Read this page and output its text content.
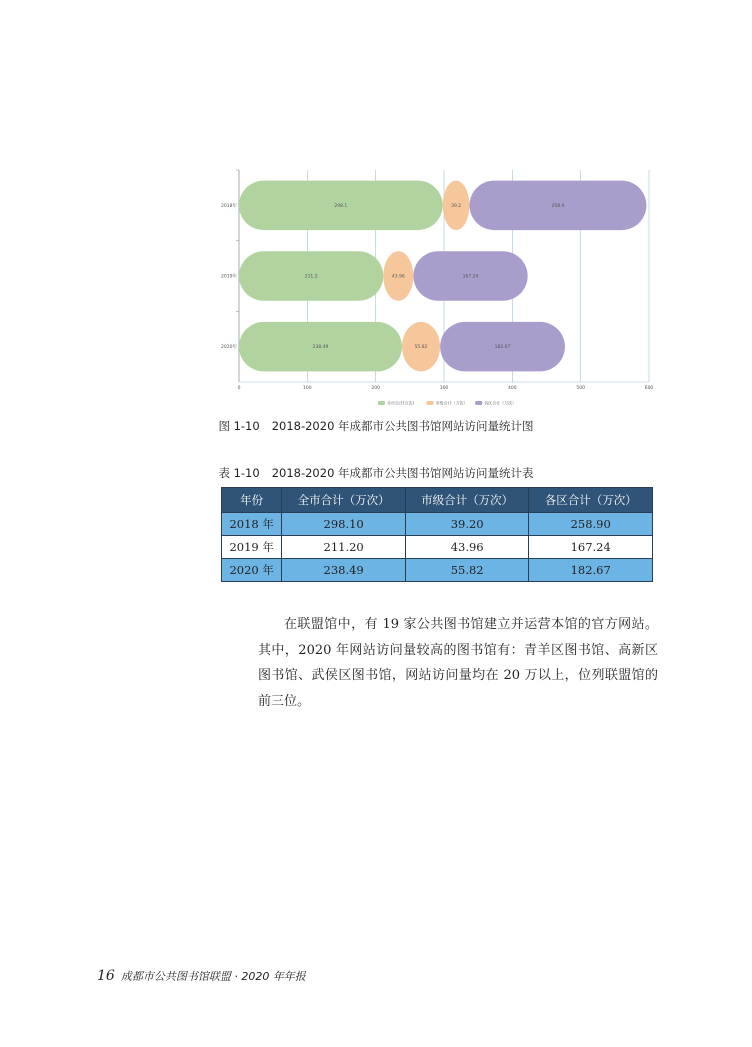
0	100	200	300	400	500	600
2018年	298.1	39.2	258.9
2019年	211.2	43.96	167.24
2020年	238.49	55.82	182.67
全市合计(万次)	市级合计（万次）	各区合计（万次）
图 1-10 2018-2020 年成都市公共图书馆网站访问量统计图
表 1-10 2018-2020 年成都市公共图书馆网站访问量统计表
年份	全市合计（万次）	市级合计（万次）	各区合计（万次）
2018 年	298.10	39.20	258.90
2019 年	211.20	43.96	167.24
2020 年	238.49	55.82	182.67

在联盟馆中，有 19 家公共图书馆建立并运营本馆的官方网站。其中，2020 年网站访问量较高的图书馆有：青羊区图书馆、高新区图书馆、武侯区图书馆，网站访问量均在 20 万以上，位列联盟馆的前三位。

16 成都市公共图书馆联盟 · 2020 年年报
